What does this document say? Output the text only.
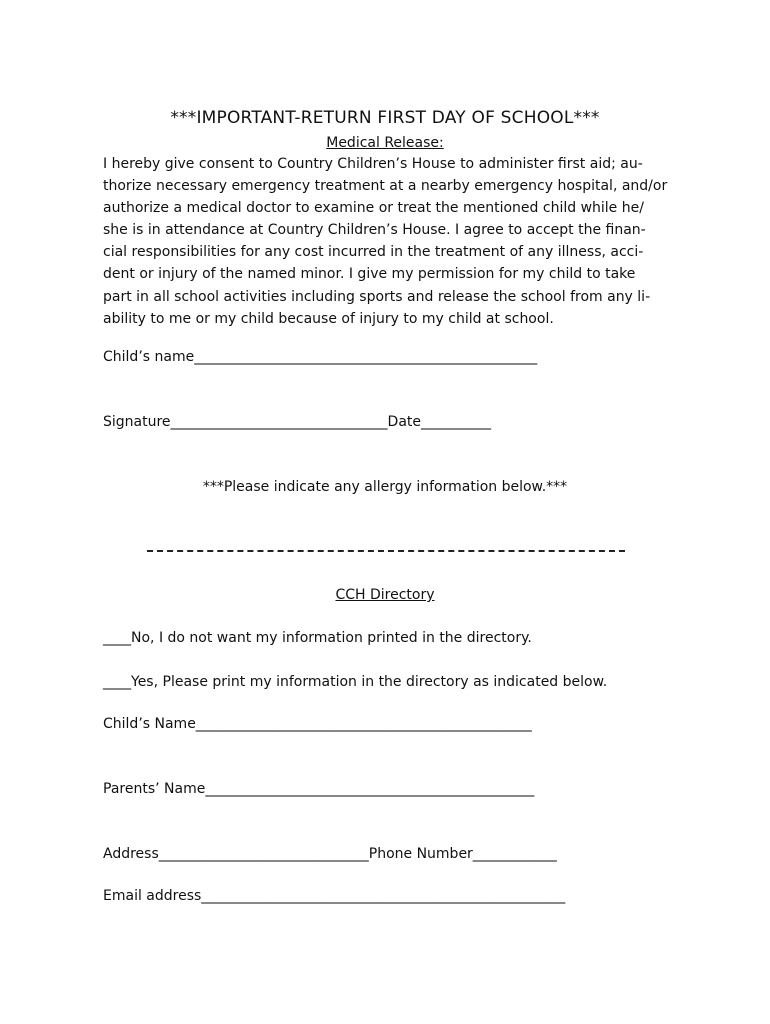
***IMPORTANT-RETURN FIRST DAY OF SCHOOL***
Medical Release:
I hereby give consent to Country Children’s House to administer first aid; au-
thorize necessary emergency treatment at a nearby emergency hospital, and/or
authorize a medical doctor to examine or treat the mentioned child while he/
she is in attendance at Country Children’s House. I agree to accept the finan-
cial responsibilities for any cost incurred in the treatment of any illness, acci-
dent or injury of the named minor. I give my permission for my child to take
part in all school activities including sports and release the school from any li-
ability to me or my child because of injury to my child at school.
Child’s name_________________________________________________
Signature_______________________________Date__________
***Please indicate any allergy information below.***
CCH Directory
____No, I do not want my information printed in the directory.
____Yes, Please print my information in the directory as indicated below.
Child’s Name________________________________________________
Parents’ Name_______________________________________________
Address______________________________Phone Number____________
Email address____________________________________________________
